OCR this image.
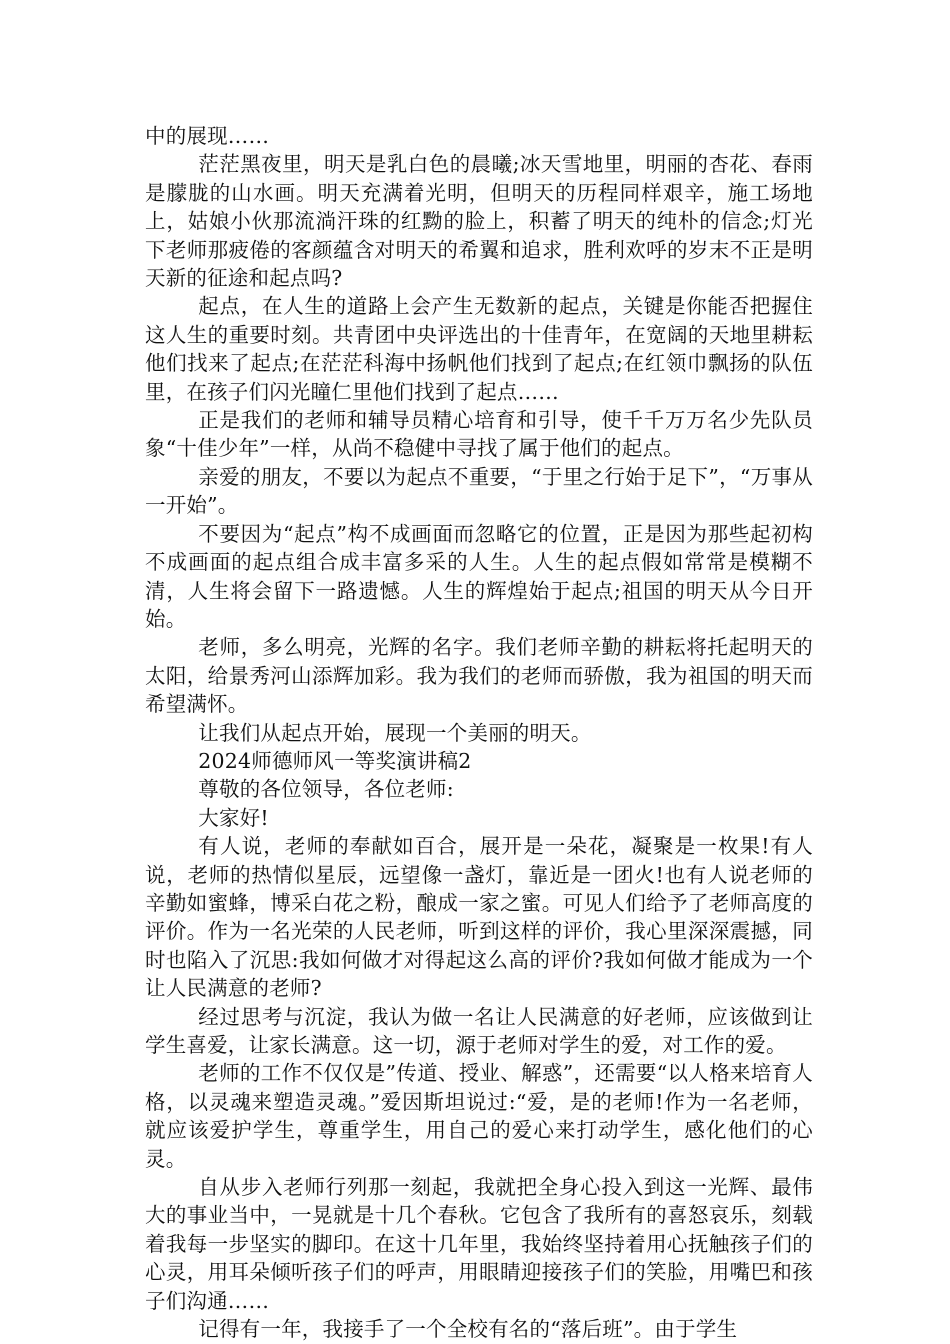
中的展现……

茫茫黑夜里，明天是乳白色的晨曦;冰天雪地里，明丽的杏花、春雨是朦胧的山水画。明天充满着光明，但明天的历程同样艰辛，施工场地上，姑娘小伙那流淌汗珠的红黝的脸上，积蓄了明天的纯朴的信念;灯光下老师那疲倦的客颜蕴含对明天的希翼和追求，胜利欢呼的岁末不正是明天新的征途和起点吗?

起点，在人生的道路上会产生无数新的起点，关键是你能否把握住这人生的重要时刻。共青团中央评选出的十佳青年，在宽阔的天地里耕耘他们找来了起点;在茫茫科海中扬帆他们找到了起点;在红领巾飘扬的队伍里，在孩子们闪光瞳仁里他们找到了起点……

正是我们的老师和辅导员精心培育和引导，使千千万万名少先队员象“十佳少年”一样，从尚不稳健中寻找了属于他们的起点。

亲爱的朋友，不要以为起点不重要，“于里之行始于足下”，“万事从一开始”。

不要因为“起点”构不成画面而忽略它的位置，正是因为那些起初构不成画面的起点组合成丰富多采的人生。人生的起点假如常常是模糊不清，人生将会留下一路遗憾。人生的辉煌始于起点;祖国的明天从今日开始。

老师，多么明亮，光辉的名字。我们老师辛勤的耕耘将托起明天的太阳，给景秀河山添辉加彩。我为我们的老师而骄傲，我为祖国的明天而希望满怀。

让我们从起点开始，展现一个美丽的明天。

2024师德师风一等奖演讲稿2

尊敬的各位领导，各位老师:

大家好!

有人说，老师的奉献如百合，展开是一朵花，凝聚是一枚果!有人说，老师的热情似星辰，远望像一盏灯，靠近是一团火!也有人说老师的辛勤如蜜蜂，博采白花之粉，酿成一家之蜜。可见人们给予了老师高度的评价。作为一名光荣的人民老师，听到这样的评价，我心里深深震撼，同时也陷入了沉思:我如何做才对得起这么高的评价?我如何做才能成为一个让人民满意的老师?

经过思考与沉淀，我认为做一名让人民满意的好老师，应该做到让学生喜爱，让家长满意。这一切，源于老师对学生的爱，对工作的爱。

老师的工作不仅仅是”传道、授业、解惑”，还需要“以人格来培育人格，以灵魂来塑造灵魂。”爱因斯坦说过:“爱，是的老师!作为一名老师，就应该爱护学生，尊重学生，用自己的爱心来打动学生，感化他们的心灵。

自从步入老师行列那一刻起，我就把全身心投入到这一光辉、最伟大的事业当中，一晃就是十几个春秋。它包含了我所有的喜怒哀乐，刻载着我每一步坚实的脚印。在这十几年里，我始终坚持着用心抚触孩子们的心灵，用耳朵倾听孩子们的呼声，用眼睛迎接孩子们的笑脸，用嘴巴和孩子们沟通……

记得有一年，我接手了一个全校有名的“落后班”。由于学生
